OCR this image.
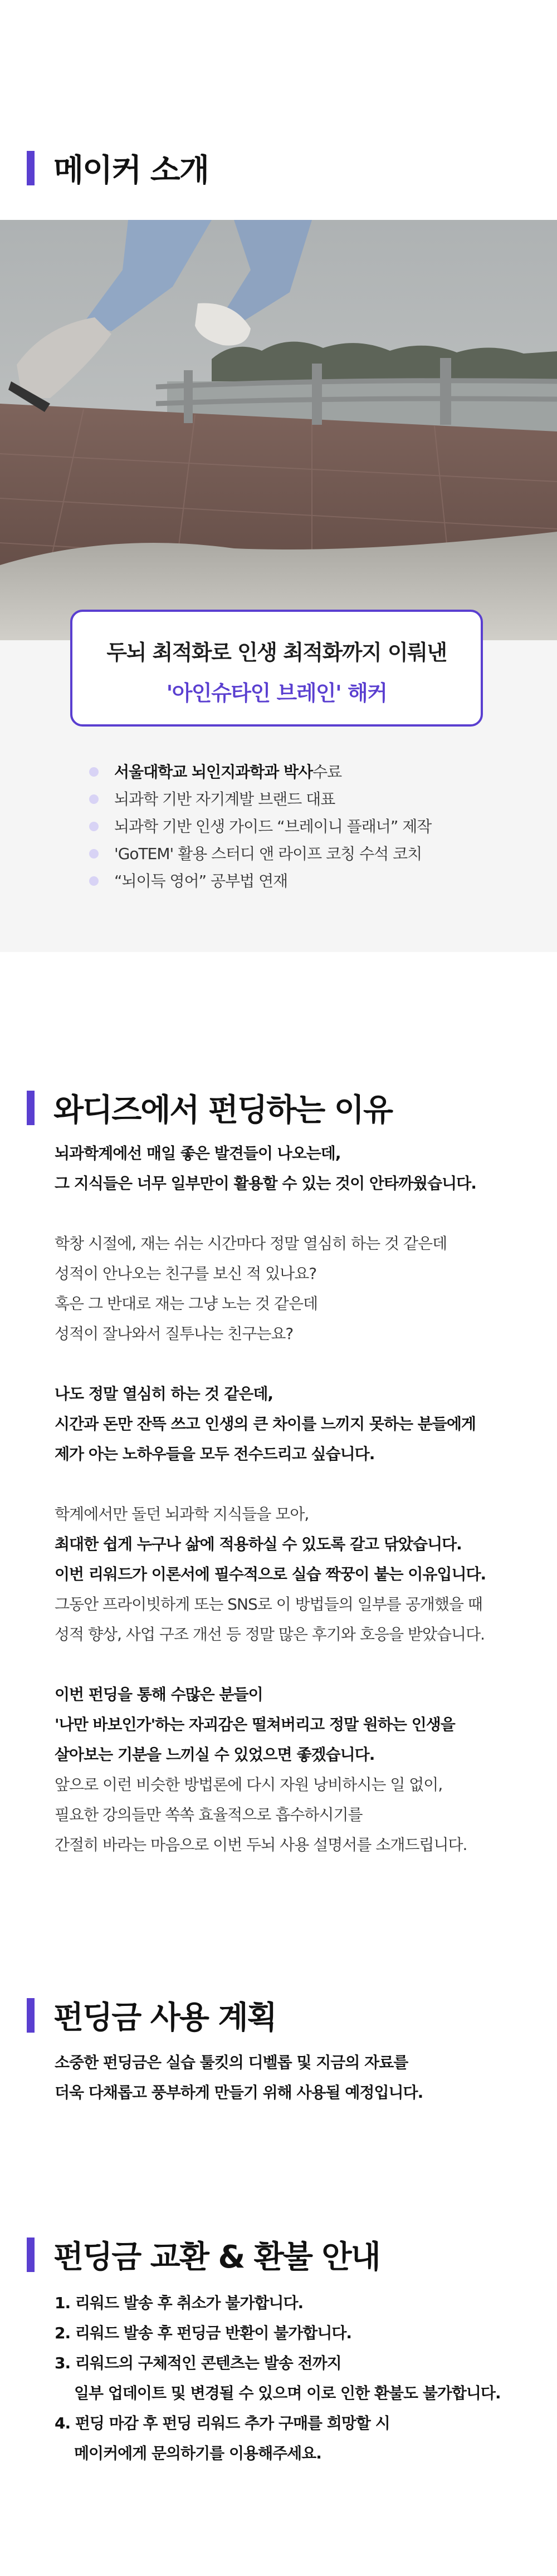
메이커 소개
두뇌 최적화로 인생 최적화까지 이뤄낸
'아인슈타인 브레인' 해커
서울대학교 뇌인지과학과 박사 수료
뇌과학 기반 자기계발 브랜드 대표
뇌과학 기반 인생 가이드 “브레이니 플래너” 제작
'GoTEM' 활용 스터디 앤 라이프 코칭 수석 코치
“뇌이득 영어” 공부법 연재
와디즈에서 펀딩하는 이유

뇌과학계에선 매일 좋은 발견들이 나오는데,

그 지식들은 너무 일부만이 활용할 수 있는 것이 안타까웠습니다.

학창 시절에, 재는 쉬는 시간마다 정말 열심히 하는 것 같은데

성적이 안나오는 친구를 보신 적 있나요?

혹은 그 반대로 재는 그냥 노는 것 같은데

성적이 잘나와서 질투나는 친구는요?

나도 정말 열심히 하는 것 같은데,

시간과 돈만 잔뜩 쓰고 인생의 큰 차이를 느끼지 못하는 분들에게

제가 아는 노하우들을 모두 전수드리고 싶습니다.

학계에서만 돌던 뇌과학 지식들을 모아,

최대한 쉽게 누구나 삶에 적용하실 수 있도록 갈고 닦았습니다.

이번 리워드가 이론서에 필수적으로 실습 짝꿍이 붙는 이유입니다.

그동안 프라이빗하게 또는 SNS로 이 방법들의 일부를 공개했을 때

성적 향상, 사업 구조 개선 등 정말 많은 후기와 호응을 받았습니다.

이번 펀딩을 통해 수많은 분들이

'나만 바보인가'하는 자괴감은 떨쳐버리고 정말 원하는 인생을

살아보는 기분을 느끼실 수 있었으면 좋겠습니다.

앞으로 이런 비슷한 방법론에 다시 자원 낭비하시는 일 없이,

필요한 강의들만 쏙쏙 효율적으로 흡수하시기를

간절히 바라는 마음으로 이번 두뇌 사용 설명서를 소개드립니다.

펀딩금 사용 계획

소중한 펀딩금은 실습 툴킷의 디벨롭 및 지금의 자료를

더욱 다채롭고 풍부하게 만들기 위해 사용될 예정입니다.

펀딩금 교환 & 환불 안내
1. 리워드 발송 후 취소가 불가합니다.
2. 리워드 발송 후 펀딩금 반환이 불가합니다.
3. 리워드의 구체적인 콘텐츠는 발송 전까지
일부 업데이트 및 변경될 수 있으며 이로 인한 환불도 불가합니다.
4. 펀딩 마감 후 펀딩 리워드 추가 구매를 희망할 시
메이커에게 문의하기를 이용해주세요.
